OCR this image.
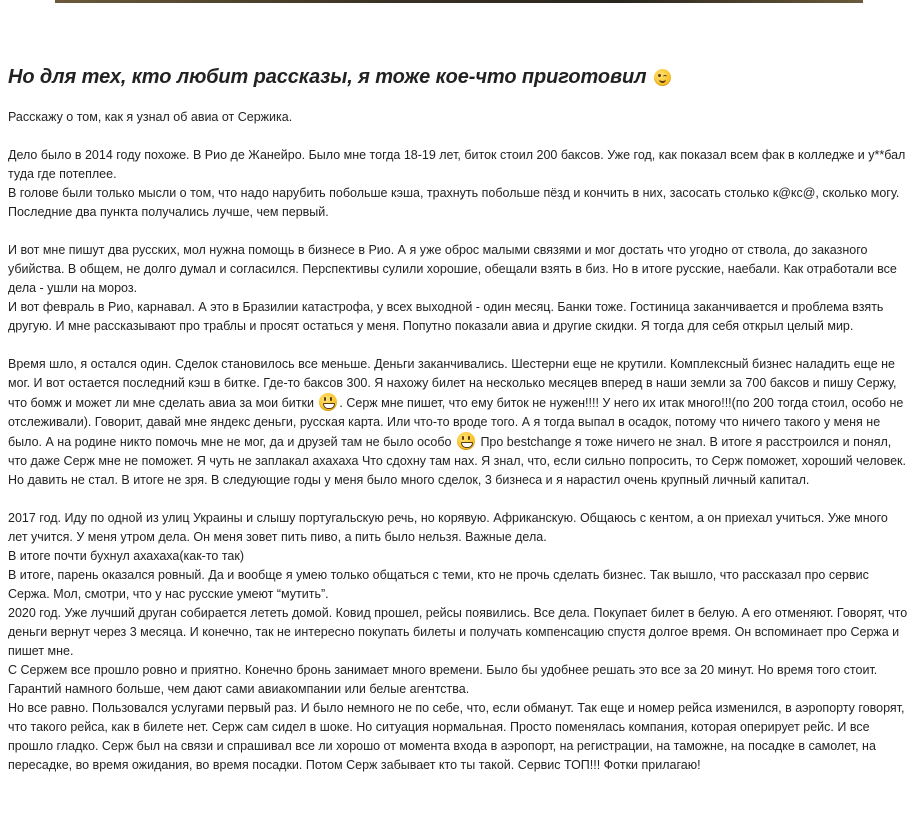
Но для тех, кто любит рассказы, я тоже кое-что приготовил

Расскажу о том, как я узнал об авиа от Сержика.

Дело было в 2014 году похоже. В Рио де Жанейро. Было мне тогда 18-19 лет, биток стоил 200 баксов. Уже год, как показал всем фак в колледже и у**бал туда где потеплее.

В голове были только мысли о том, что надо нарубить побольше кэша, трахнуть побольше пёзд и кончить в них, засосать столько к@кс@, сколько могу. Последние два пункта получались лучше, чем первый.

И вот мне пишут два русских, мол нужна помощь в бизнесе в Рио. А я уже оброс малыми связями и мог достать что угодно от ствола, до заказного убийства. В общем, не долго думал и согласился. Перспективы сулили хорошие, обещали взять в биз. Но в итоге русские, наебали. Как отработали все дела - ушли на мороз.

И вот февраль в Рио, карнавал. А это в Бразилии катастрофа, у всех выходной - один месяц. Банки тоже. Гостиница заканчивается и проблема взять другую. И мне рассказывают про траблы и просят остаться у меня. Попутно показали авиа и другие скидки. Я тогда для себя открыл целый мир.

Время шло, я остался один. Сделок становилось все меньше. Деньги заканчивались. Шестерни еще не крутили. Комплексный бизнес наладить еще не мог. И вот остается последний кэш в битке. Где-то баксов 300. Я нахожу билет на несколько месяцев вперед в наши земли за 700 баксов и пишу Сержу, что бомж и может ли мне сделать авиа за мои битки . Серж мне пишет, что ему биток не нужен!!!! У него их итак много!!!(по 200 тогда стоил, особо не отслеживали). Говорит, давай мне яндекс деньги, русская карта. Или что-то вроде того. А я тогда выпал в осадок, потому что ничего такого у меня не было. А на родине никто помочь мне не мог, да и друзей там не было особо  Про bestchange я тоже ничего не знал. В итоге я расстроился и понял, что даже Серж мне не поможет. Я чуть не заплакал ахахаха Что сдохну там нах. Я знал, что, если сильно попросить, то Серж поможет, хороший человек. Но давить не стал. В итоге не зря. В следующие годы у меня было много сделок, 3 бизнеса и я нарастил очень крупный личный капитал.

2017 год. Иду по одной из улиц Украины и слышу португальскую речь, но корявую. Африканскую. Общаюсь с кентом, а он приехал учиться. Уже много лет учится. У меня утром дела. Он меня зовет пить пиво, а пить было нельзя. Важные дела.

В итоге почти бухнул ахахаха(как-то так)

В итоге, парень оказался ровный. Да и вообще я умею только общаться с теми, кто не прочь сделать бизнес. Так вышло, что рассказал про сервис Сержа. Мол, смотри, что у нас русские умеют “мутить”.

2020 год. Уже лучший друган собирается лететь домой. Ковид прошел, рейсы появились. Все дела. Покупает билет в белую. А его отменяют. Говорят, что деньги вернут через 3 месяца. И конечно, так не интересно покупать билеты и получать компенсацию спустя долгое время. Он вспоминает про Сержа и пишет мне.

С Сержем все прошло ровно и приятно. Конечно бронь занимает много времени. Было бы удобнее решать это все за 20 минут. Но время того стоит. Гарантий намного больше, чем дают сами авиакомпании или белые агентства.

Но все равно. Пользовался услугами первый раз. И было немного не по себе, что, если обманут. Так еще и номер рейса изменился, в аэропорту говорят, что такого рейса, как в билете нет. Серж сам сидел в шоке. Но ситуация нормальная. Просто поменялась компания, которая оперирует рейс. И все прошло гладко. Серж был на связи и спрашивал все ли хорошо от момента входа в аэропорт, на регистрации, на таможне, на посадке в самолет, на пересадке, во время ожидания, во время посадки. Потом Серж забывает кто ты такой. Сервис ТОП!!! Фотки прилагаю!
